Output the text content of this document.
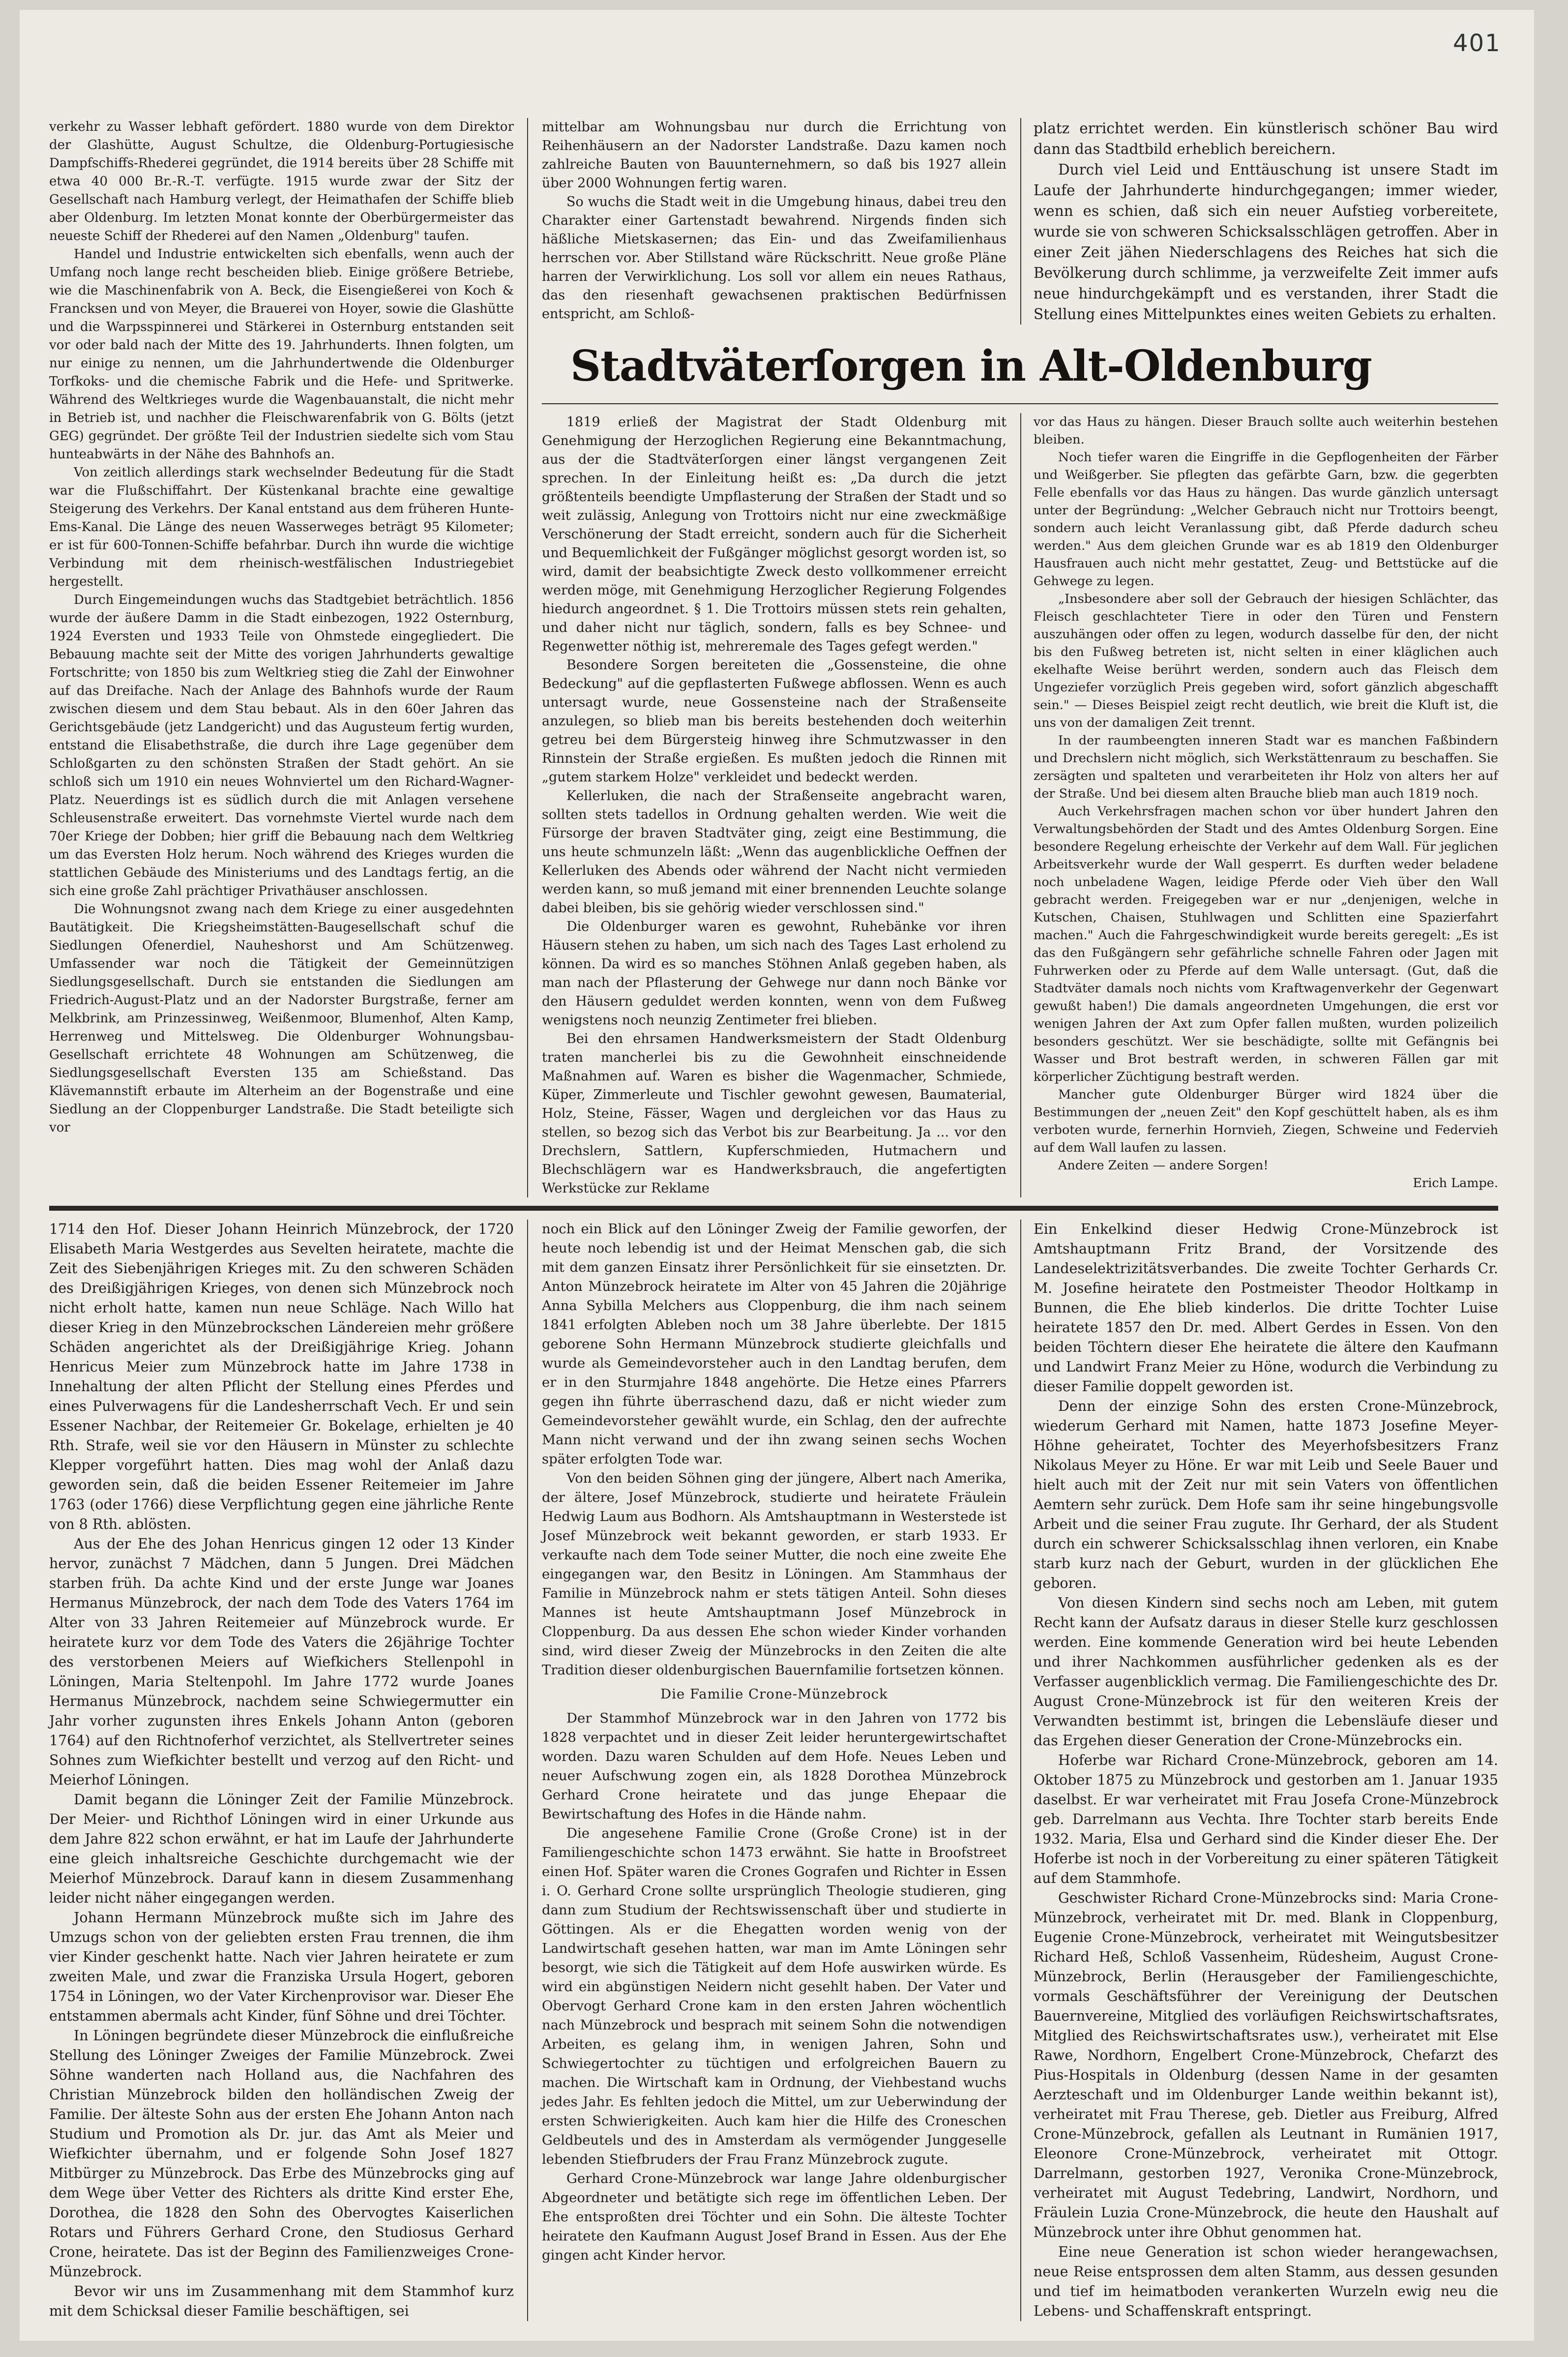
401

verkehr zu Wasser lebhaft gefördert. 1880 wurde von dem Direktor der Glashütte, August Schultze, die Oldenburg-Portugiesische Dampfschiffs-Rhederei gegründet, die 1914 bereits über 28 Schiffe mit etwa 40 000 Br.-R.-T. verfügte. 1915 wurde zwar der Sitz der Gesellschaft nach Hamburg verlegt, der Heimathafen der Schiffe blieb aber Oldenburg. Im letzten Monat konnte der Oberbürgermeister das neueste Schiff der Rhederei auf den Namen „Oldenburg" taufen.

Handel und Industrie entwickelten sich ebenfalls, wenn auch der Umfang noch lange recht bescheiden blieb. Einige größere Betriebe, wie die Maschinenfabrik von A. Beck, die Eisengießerei von Koch & Francksen und von Meyer, die Brauerei von Hoyer, sowie die Glashütte und die Warpsspinnerei und Stärkerei in Osternburg entstanden seit vor oder bald nach der Mitte des 19. Jahrhunderts. Ihnen folgten, um nur einige zu nennen, um die Jahrhundertwende die Oldenburger Torfkoks- und die chemische Fabrik und die Hefe- und Spritwerke. Während des Weltkrieges wurde die Wagenbauanstalt, die nicht mehr in Betrieb ist, und nachher die Fleischwarenfabrik von G. Bölts (jetzt GEG) gegründet. Der größte Teil der Industrien siedelte sich vom Stau hunteabwärts in der Nähe des Bahnhofs an.

Von zeitlich allerdings stark wechselnder Bedeutung für die Stadt war die Flußschiffahrt. Der Küstenkanal brachte eine gewaltige Steigerung des Verkehrs. Der Kanal entstand aus dem früheren Hunte-Ems-Kanal. Die Länge des neuen Wasserweges beträgt 95 Kilometer; er ist für 600-Tonnen-Schiffe befahrbar. Durch ihn wurde die wichtige Verbindung mit dem rheinisch-westfälischen Industriegebiet hergestellt.

Durch Eingemeindungen wuchs das Stadtgebiet beträchtlich. 1856 wurde der äußere Damm in die Stadt einbezogen, 1922 Osternburg, 1924 Eversten und 1933 Teile von Ohmstede eingegliedert. Die Bebauung machte seit der Mitte des vorigen Jahrhunderts gewaltige Fortschritte; von 1850 bis zum Weltkrieg stieg die Zahl der Einwohner auf das Dreifache. Nach der Anlage des Bahnhofs wurde der Raum zwischen diesem und dem Stau bebaut. Als in den 60er Jahren das Gerichtsgebäude (jetz Landgericht) und das Augusteum fertig wurden, entstand die Elisabethstraße, die durch ihre Lage gegenüber dem Schloßgarten zu den schönsten Straßen der Stadt gehört. An sie schloß sich um 1910 ein neues Wohnviertel um den Richard-Wagner-Platz. Neuerdings ist es südlich durch die mit Anlagen versehene Schleusenstraße erweitert. Das vornehmste Viertel wurde nach dem 70er Kriege der Dobben; hier griff die Bebauung nach dem Weltkrieg um das Eversten Holz herum. Noch während des Krieges wurden die stattlichen Gebäude des Ministeriums und des Landtags fertig, an die sich eine große Zahl prächtiger Privathäuser anschlossen.

Die Wohnungsnot zwang nach dem Kriege zu einer ausgedehnten Bautätigkeit. Die Kriegsheimstätten-Baugesellschaft schuf die Siedlungen Ofenerdiel, Nauheshorst und Am Schützenweg. Umfassender war noch die Tätigkeit der Gemeinnützigen Siedlungsgesellschaft. Durch sie entstanden die Siedlungen am Friedrich-August-Platz und an der Nadorster Burgstraße, ferner am Melkbrink, am Prinzessinweg, Weißenmoor, Blumenhof, Alten Kamp, Herrenweg und Mittelsweg. Die Oldenburger Wohnungsbau-Gesellschaft errichtete 48 Wohnungen am Schützenweg, die Siedlungsgesellschaft Eversten 135 am Schießstand. Das Klävemannstift erbaute im Alterheim an der Bogenstraße und eine Siedlung an der Cloppenburger Landstraße. Die Stadt beteiligte sich vor

mittelbar am Wohnungsbau nur durch die Errichtung von Reihenhäusern an der Nadorster Landstraße. Dazu kamen noch zahlreiche Bauten von Bauunternehmern, so daß bis 1927 allein über 2000 Wohnungen fertig waren.

So wuchs die Stadt weit in die Umgebung hinaus, dabei treu den Charakter einer Gartenstadt bewahrend. Nirgends finden sich häßliche Mietskasernen; das Ein- und das Zweifamilienhaus herrschen vor. Aber Stillstand wäre Rückschritt. Neue große Pläne harren der Verwirklichung. Los soll vor allem ein neues Rathaus, das den riesenhaft gewachsenen praktischen Bedürfnissen entspricht, am Schloß-

platz errichtet werden. Ein künstlerisch schöner Bau wird dann das Stadtbild erheblich bereichern.

Durch viel Leid und Enttäuschung ist unsere Stadt im Laufe der Jahrhunderte hindurchgegangen; immer wieder, wenn es schien, daß sich ein neuer Aufstieg vorbereitete, wurde sie von schweren Schicksalsschlägen getroffen. Aber in einer Zeit jähen Niederschlagens des Reiches hat sich die Bevölkerung durch schlimme, ja verzweifelte Zeit immer aufs neue hindurchgekämpft und es verstanden, ihrer Stadt die Stellung eines Mittelpunktes eines weiten Gebiets zu erhalten.

Stadtväterſorgen in Alt-Oldenburg

1819 erließ der Magistrat der Stadt Oldenburg mit Genehmigung der Herzoglichen Regierung eine Bekanntmachung, aus der die Stadtväterſorgen einer längst vergangenen Zeit sprechen. In der Einleitung heißt es: „Da durch die jetzt größtenteils beendigte Umpflasterung der Straßen der Stadt und so weit zulässig, Anlegung von Trottoirs nicht nur eine zweckmäßige Verschönerung der Stadt erreicht, sondern auch für die Sicherheit und Bequemlichkeit der Fußgänger möglichst gesorgt worden ist, so wird, damit der beabsichtigte Zweck desto vollkommener erreicht werden möge, mit Genehmigung Herzoglicher Regierung Folgendes hiedurch angeordnet. § 1. Die Trottoirs müssen stets rein gehalten, und daher nicht nur täglich, sondern, falls es bey Schnee- und Regenwetter nöthig ist, mehreremale des Tages gefegt werden."

Besondere Sorgen bereiteten die „Gossensteine, die ohne Bedeckung" auf die gepflasterten Fußwege abflossen. Wenn es auch untersagt wurde, neue Gossensteine nach der Straßenseite anzulegen, so blieb man bis bereits bestehenden doch weiterhin getreu bei dem Bürgersteig hinweg ihre Schmutzwasser in den Rinnstein der Straße ergießen. Es mußten jedoch die Rinnen mit „gutem starkem Holze" verkleidet und bedeckt werden.

Kellerluken, die nach der Straßenseite angebracht waren, sollten stets tadellos in Ordnung gehalten werden. Wie weit die Fürsorge der braven Stadtväter ging, zeigt eine Bestimmung, die uns heute schmunzeln läßt: „Wenn das augenblickliche Oeffnen der Kellerluken des Abends oder während der Nacht nicht vermieden werden kann, so muß jemand mit einer brennenden Leuchte solange dabei bleiben, bis sie gehörig wieder verschlossen sind."

Die Oldenburger waren es gewohnt, Ruhebänke vor ihren Häusern stehen zu haben, um sich nach des Tages Last erholend zu können. Da wird es so manches Stöhnen Anlaß gegeben haben, als man nach der Pflasterung der Gehwege nur dann noch Bänke vor den Häusern geduldet werden konnten, wenn von dem Fußweg wenigstens noch neunzig Zentimeter frei blieben.

Bei den ehrsamen Handwerksmeistern der Stadt Oldenburg traten mancherlei bis zu die Gewohnheit einschneidende Maßnahmen auf. Waren es bisher die Wagenmacher, Schmiede, Küper, Zimmerleute und Tischler gewohnt gewesen, Baumaterial, Holz, Steine, Fässer, Wagen und dergleichen vor das Haus zu stellen, so bezog sich das Verbot bis zur Bearbeitung. Ja ... vor den Drechslern, Sattlern, Kupferschmieden, Hutmachern und Blechschlägern war es Handwerksbrauch, die angefertigten Werkstücke zur Reklame

vor das Haus zu hängen. Dieser Brauch sollte auch weiterhin bestehen bleiben.

Noch tiefer waren die Eingriffe in die Gepflogenheiten der Färber und Weißgerber. Sie pflegten das gefärbte Garn, bzw. die gegerbten Felle ebenfalls vor das Haus zu hängen. Das wurde gänzlich untersagt unter der Begründung: „Welcher Gebrauch nicht nur Trottoirs beengt, sondern auch leicht Veranlassung gibt, daß Pferde dadurch scheu werden." Aus dem gleichen Grunde war es ab 1819 den Oldenburger Hausfrauen auch nicht mehr gestattet, Zeug- und Bettstücke auf die Gehwege zu legen.

„Insbesondere aber soll der Gebrauch der hiesigen Schlächter, das Fleisch geschlachteter Tiere in oder den Türen und Fenstern auszuhängen oder offen zu legen, wodurch dasselbe für den, der nicht bis den Fußweg betreten ist, nicht selten in einer kläglichen auch ekelhafte Weise berührt werden, sondern auch das Fleisch dem Ungeziefer vorzüglich Preis gegeben wird, sofort gänzlich abgeschafft sein." — Dieses Beispiel zeigt recht deutlich, wie breit die Kluft ist, die uns von der damaligen Zeit trennt.

In der raumbeengten inneren Stadt war es manchen Faßbindern und Drechslern nicht möglich, sich Werkstättenraum zu beschaffen. Sie zersägten und spalteten und verarbeiteten ihr Holz von alters her auf der Straße. Und bei diesem alten Brauche blieb man auch 1819 noch.

Auch Verkehrsfragen machen schon vor über hundert Jahren den Verwaltungsbehörden der Stadt und des Amtes Oldenburg Sorgen. Eine besondere Regelung erheischte der Verkehr auf dem Wall. Für jeglichen Arbeitsverkehr wurde der Wall gesperrt. Es durften weder beladene noch unbeladene Wagen, leidige Pferde oder Vieh über den Wall gebracht werden. Freigegeben war er nur „denjenigen, welche in Kutschen, Chaisen, Stuhlwagen und Schlitten eine Spazierfahrt machen." Auch die Fahrgeschwindigkeit wurde bereits geregelt: „Es ist das den Fußgängern sehr gefährliche schnelle Fahren oder Jagen mit Fuhrwerken oder zu Pferde auf dem Walle untersagt. (Gut, daß die Stadtväter damals noch nichts vom Kraftwagenverkehr der Gegenwart gewußt haben!) Die damals angeordneten Umgehungen, die erst vor wenigen Jahren der Axt zum Opfer fallen mußten, wurden polizeilich besonders geschützt. Wer sie beschädigte, sollte mit Gefängnis bei Wasser und Brot bestraft werden, in schweren Fällen gar mit körperlicher Züchtigung bestraft werden.

Mancher gute Oldenburger Bürger wird 1824 über die Bestimmungen der „neuen Zeit" den Kopf geschüttelt haben, als es ihm verboten wurde, fernerhin Hornvieh, Ziegen, Schweine und Federvieh auf dem Wall laufen zu lassen.

Andere Zeiten — andere Sorgen!

Erich Lampe.

1714 den Hof. Dieser Johann Heinrich Münzebrock, der 1720 Elisabeth Maria Westgerdes aus Sevelten heiratete, machte die Zeit des Siebenjährigen Krieges mit. Zu den schweren Schäden des Dreißigjährigen Krieges, von denen sich Münzebrock noch nicht erholt hatte, kamen nun neue Schläge. Nach Willo hat dieser Krieg in den Münzebrockschen Ländereien mehr größere Schäden angerichtet als der Dreißigjährige Krieg. Johann Henricus Meier zum Münzebrock hatte im Jahre 1738 in Innehaltung der alten Pflicht der Stellung eines Pferdes und eines Pulverwagens für die Landesherrschaft Vech. Er und sein Essener Nachbar, der Reitemeier Gr. Bokelage, erhielten je 40 Rth. Strafe, weil sie vor den Häusern in Münster zu schlechte Klepper vorgeführt hatten. Dies mag wohl der Anlaß dazu geworden sein, daß die beiden Essener Reitemeier im Jahre 1763 (oder 1766) diese Verpflichtung gegen eine jährliche Rente von 8 Rth. ablösten.

Aus der Ehe des Johan Henricus gingen 12 oder 13 Kinder hervor, zunächst 7 Mädchen, dann 5 Jungen. Drei Mädchen starben früh. Da achte Kind und der erste Junge war Joanes Hermanus Münzebrock, der nach dem Tode des Vaters 1764 im Alter von 33 Jahren Reitemeier auf Münzebrock wurde. Er heiratete kurz vor dem Tode des Vaters die 26jährige Tochter des verstorbenen Meiers auf Wiefkichers Stellenpohl in Löningen, Maria Steltenpohl. Im Jahre 1772 wurde Joanes Hermanus Münzebrock, nachdem seine Schwiegermutter ein Jahr vorher zugunsten ihres Enkels Johann Anton (geboren 1764) auf den Richtnoferhof verzichtet, als Stellvertreter seines Sohnes zum Wiefkichter bestellt und verzog auf den Richt- und Meierhof Löningen.

Damit begann die Löninger Zeit der Familie Münzebrock. Der Meier- und Richthof Löningen wird in einer Urkunde aus dem Jahre 822 schon erwähnt, er hat im Laufe der Jahrhunderte eine gleich inhaltsreiche Geschichte durchgemacht wie der Meierhof Münzebrock. Darauf kann in diesem Zusammenhang leider nicht näher eingegangen werden.

Johann Hermann Münzebrock mußte sich im Jahre des Umzugs schon von der geliebten ersten Frau trennen, die ihm vier Kinder geschenkt hatte. Nach vier Jahren heiratete er zum zweiten Male, und zwar die Franziska Ursula Hogert, geboren 1754 in Löningen, wo der Vater Kirchenprovisor war. Dieser Ehe entstammen abermals acht Kinder, fünf Söhne und drei Töchter.

In Löningen begründete dieser Münzebrock die einflußreiche Stellung des Löninger Zweiges der Familie Münzebrock. Zwei Söhne wanderten nach Holland aus, die Nachfahren des Christian Münzebrock bilden den holländischen Zweig der Familie. Der älteste Sohn aus der ersten Ehe Johann Anton nach Studium und Promotion als Dr. jur. das Amt als Meier und Wiefkichter übernahm, und er folgende Sohn Josef 1827 Mitbürger zu Münzebrock. Das Erbe des Münzebrocks ging auf dem Wege über Vetter des Richters als dritte Kind erster Ehe, Dorothea, die 1828 den Sohn des Obervogtes Kaiserlichen Rotars und Führers Gerhard Crone, den Studiosus Gerhard Crone, heiratete. Das ist der Beginn des Familienzweiges Crone-Münzebrock.

Bevor wir uns im Zusammenhang mit dem Stammhof kurz mit dem Schicksal dieser Familie beschäftigen, sei

noch ein Blick auf den Löninger Zweig der Familie geworfen, der heute noch lebendig ist und der Heimat Menschen gab, die sich mit dem ganzen Einsatz ihrer Persönlichkeit für sie einsetzten. Dr. Anton Münzebrock heiratete im Alter von 45 Jahren die 20jährige Anna Sybilla Melchers aus Cloppenburg, die ihm nach seinem 1841 erfolgten Ableben noch um 38 Jahre überlebte. Der 1815 geborene Sohn Hermann Münzebrock studierte gleichfalls und wurde als Gemeindevorsteher auch in den Landtag berufen, dem er in den Sturmjahre 1848 angehörte. Die Hetze eines Pfarrers gegen ihn führte überraschend dazu, daß er nicht wieder zum Gemeindevorsteher gewählt wurde, ein Schlag, den der aufrechte Mann nicht verwand und der ihn zwang seinen sechs Wochen später erfolgten Tode war.

Von den beiden Söhnen ging der jüngere, Albert nach Amerika, der ältere, Josef Münzebrock, studierte und heiratete Fräulein Hedwig Laum aus Bodhorn. Als Amtshauptmann in Westerstede ist Josef Münzebrock weit bekannt geworden, er starb 1933. Er verkaufte nach dem Tode seiner Mutter, die noch eine zweite Ehe eingegangen war, den Besitz in Löningen. Am Stammhaus der Familie in Münzebrock nahm er stets tätigen Anteil. Sohn dieses Mannes ist heute Amtshauptmann Josef Münzebrock in Cloppenburg. Da aus dessen Ehe schon wieder Kinder vorhanden sind, wird dieser Zweig der Münzebrocks in den Zeiten die alte Tradition dieser oldenburgischen Bauernfamilie fortsetzen können.

Die Familie Crone-Münzebrock

Der Stammhof Münzebrock war in den Jahren von 1772 bis 1828 verpachtet und in dieser Zeit leider heruntergewirtschaftet worden. Dazu waren Schulden auf dem Hofe. Neues Leben und neuer Aufschwung zogen ein, als 1828 Dorothea Münzebrock Gerhard Crone heiratete und das junge Ehepaar die Bewirtschaftung des Hofes in die Hände nahm.

Die angesehene Familie Crone (Große Crone) ist in der Familiengeschichte schon 1473 erwähnt. Sie hatte in Broofstreet einen Hof. Später waren die Crones Gografen und Richter in Essen i. O. Gerhard Crone sollte ursprünglich Theologie studieren, ging dann zum Studium der Rechtswissenschaft über und studierte in Göttingen. Als er die Ehegatten worden wenig von der Landwirtschaft gesehen hatten, war man im Amte Löningen sehr besorgt, wie sich die Tätigkeit auf dem Hofe auswirken würde. Es wird ein abgünstigen Neidern nicht gesehlt haben. Der Vater und Obervogt Gerhard Crone kam in den ersten Jahren wöchentlich nach Münzebrock und besprach mit seinem Sohn die notwendigen Arbeiten, es gelang ihm, in wenigen Jahren, Sohn und Schwiegertochter zu tüchtigen und erfolgreichen Bauern zu machen. Die Wirtschaft kam in Ordnung, der Viehbestand wuchs jedes Jahr. Es fehlten jedoch die Mittel, um zur Ueberwindung der ersten Schwierigkeiten. Auch kam hier die Hilfe des Croneschen Geldbeutels und des in Amsterdam als vermögender Junggeselle lebenden Stiefbruders der Frau Franz Münzebrock zugute.

Gerhard Crone-Münzebrock war lange Jahre oldenburgischer Abgeordneter und betätigte sich rege im öffentlichen Leben. Der Ehe entsproßten drei Töchter und ein Sohn. Die älteste Tochter heiratete den Kaufmann August Josef Brand in Essen. Aus der Ehe gingen acht Kinder hervor.

Ein Enkelkind dieser Hedwig Crone-Münzebrock ist Amtshauptmann Fritz Brand, der Vorsitzende des Landeselektrizitätsverbandes. Die zweite Tochter Gerhards Cr. M. Josefine heiratete den Postmeister Theodor Holtkamp in Bunnen, die Ehe blieb kinderlos. Die dritte Tochter Luise heiratete 1857 den Dr. med. Albert Gerdes in Essen. Von den beiden Töchtern dieser Ehe heiratete die ältere den Kaufmann und Landwirt Franz Meier zu Höne, wodurch die Verbindung zu dieser Familie doppelt geworden ist.

Denn der einzige Sohn des ersten Crone-Münzebrock, wiederum Gerhard mit Namen, hatte 1873 Josefine Meyer-Höhne geheiratet, Tochter des Meyerhofsbesitzers Franz Nikolaus Meyer zu Höne. Er war mit Leib und Seele Bauer und hielt auch mit der Zeit nur mit sein Vaters von öffentlichen Aemtern sehr zurück. Dem Hofe sam ihr seine hingebungsvolle Arbeit und die seiner Frau zugute. Ihr Gerhard, der als Student durch ein schwerer Schicksalsschlag ihnen verloren, ein Knabe starb kurz nach der Geburt, wurden in der glücklichen Ehe geboren.

Von diesen Kindern sind sechs noch am Leben, mit gutem Recht kann der Aufsatz daraus in dieser Stelle kurz geschlossen werden. Eine kommende Generation wird bei heute Lebenden und ihrer Nachkommen ausführlicher gedenken als es der Verfasser augenblicklich vermag. Die Familiengeschichte des Dr. August Crone-Münzebrock ist für den weiteren Kreis der Verwandten bestimmt ist, bringen die Lebensläufe dieser und das Ergehen dieser Generation der Crone-Münzebrocks ein.

Hoferbe war Richard Crone-Münzebrock, geboren am 14. Oktober 1875 zu Münzebrock und gestorben am 1. Januar 1935 daselbst. Er war verheiratet mit Frau Josefa Crone-Münzebrock geb. Darrelmann aus Vechta. Ihre Tochter starb bereits Ende 1932. Maria, Elsa und Gerhard sind die Kinder dieser Ehe. Der Hoferbe ist noch in der Vorbereitung zu einer späteren Tätigkeit auf dem Stammhofe.

Geschwister Richard Crone-Münzebrocks sind: Maria Crone-Münzebrock, verheiratet mit Dr. med. Blank in Cloppenburg, Eugenie Crone-Münzebrock, verheiratet mit Weingutsbesitzer Richard Heß, Schloß Vassenheim, Rüdesheim, August Crone-Münzebrock, Berlin (Herausgeber der Familiengeschichte, vormals Geschäftsführer der Vereinigung der Deutschen Bauernvereine, Mitglied des vorläufigen Reichswirtschaftsrates, Mitglied des Reichswirtschaftsrates usw.), verheiratet mit Else Rawe, Nordhorn, Engelbert Crone-Münzebrock, Chefarzt des Pius-Hospitals in Oldenburg (dessen Name in der gesamten Aerzteschaft und im Oldenburger Lande weithin bekannt ist), verheiratet mit Frau Therese, geb. Dietler aus Freiburg, Alfred Crone-Münzebrock, gefallen als Leutnant in Rumänien 1917, Eleonore Crone-Münzebrock, verheiratet mit Ottogr. Darrelmann, gestorben 1927, Veronika Crone-Münzebrock, verheiratet mit August Tedebring, Landwirt, Nordhorn, und Fräulein Luzia Crone-Münzebrock, die heute den Haushalt auf Münzebrock unter ihre Obhut genommen hat.

Eine neue Generation ist schon wieder herangewachsen, neue Reise entsprossen dem alten Stamm, aus dessen gesunden und tief im heimatboden verankerten Wurzeln ewig neu die Lebens- und Schaffenskraft entspringt.
